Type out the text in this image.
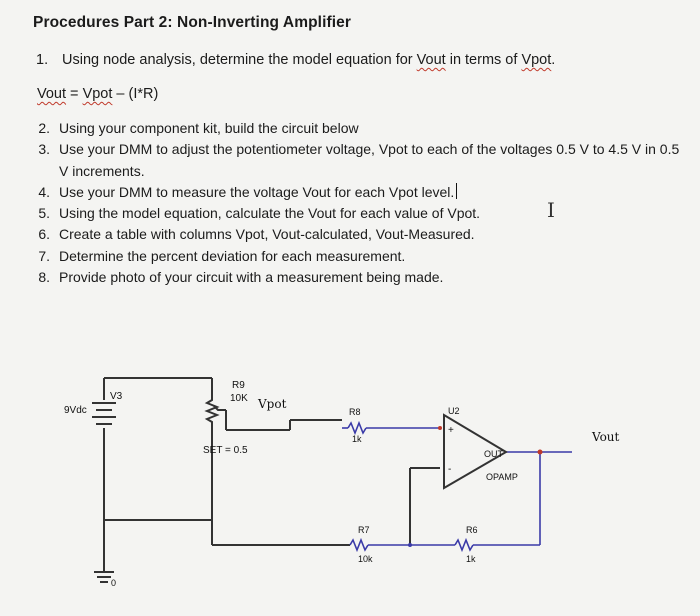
Procedures Part 2: Non-Inverting Amplifier
1. Using node analysis, determine the model equation for Vout in terms of Vpot.
Vout = Vpot – (I*R)
2. Using your component kit, build the circuit below
3. Use your DMM to adjust the potentiometer voltage, Vpot to each of the voltages 0.5 V to 4.5 V in 0.5 V increments.
4. Use your DMM to measure the voltage Vout for each Vpot level.
5. Using the model equation, calculate the Vout for each value of Vpot.
6. Create a table with columns Vpot, Vout-calculated, Vout-Measured.
7. Determine the percent deviation for each measurement.
8. Provide photo of your circuit with a measurement being made.
I
9Vdc
V3
R9
10K
SET = 0.5
Vpot
R8
1k
U2
+
-
OUT
OPAMP
Vout
R7
10k
R6
1k
0
